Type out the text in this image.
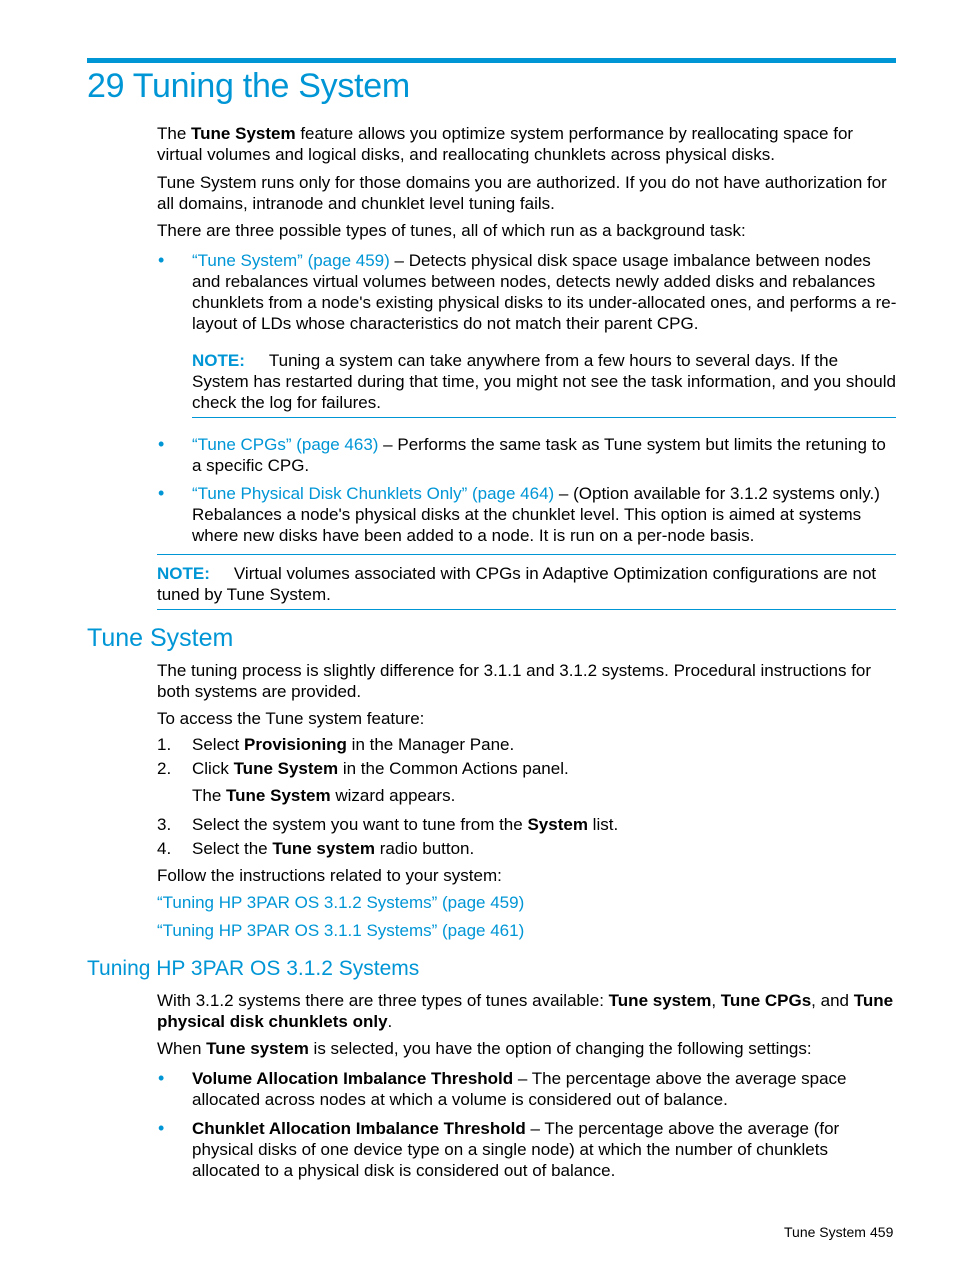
29 Tuning the System

The Tune System feature allows you optimize system performance by reallocating space for virtual volumes and logical disks, and reallocating chunklets across physical disks.

Tune System runs only for those domains you are authorized. If you do not have authorization for all domains, intranode and chunklet level tuning fails.

There are three possible types of tunes, all of which run as a background task:

• “Tune System” (page 459) – Detects physical disk space usage imbalance between nodes and rebalances virtual volumes between nodes, detects newly added disks and rebalances chunklets from a node's existing physical disks to its under-allocated ones, and performs a re-layout of LDs whose characteristics do not match their parent CPG.

NOTE: Tuning a system can take anywhere from a few hours to several days. If the System has restarted during that time, you might not see the task information, and you should check the log for failures.

• “Tune CPGs” (page 463) – Performs the same task as Tune system but limits the retuning to a specific CPG.

• “Tune Physical Disk Chunklets Only” (page 464) – (Option available for 3.1.2 systems only.) Rebalances a node's physical disks at the chunklet level. This option is aimed at systems where new disks have been added to a node. It is run on a per-node basis.

NOTE: Virtual volumes associated with CPGs in Adaptive Optimization configurations are not tuned by Tune System.

Tune System

The tuning process is slightly difference for 3.1.1 and 3.1.2 systems. Procedural instructions for both systems are provided.

To access the Tune system feature:

1. Select Provisioning in the Manager Pane.

2. Click Tune System in the Common Actions panel.

The Tune System wizard appears.

3. Select the system you want to tune from the System list.

4. Select the Tune system radio button.

Follow the instructions related to your system:

“Tuning HP 3PAR OS 3.1.2 Systems” (page 459)

“Tuning HP 3PAR OS 3.1.1 Systems” (page 461)

Tuning HP 3PAR OS 3.1.2 Systems

With 3.1.2 systems there are three types of tunes available: Tune system, Tune CPGs, and Tune physical disk chunklets only.

When Tune system is selected, you have the option of changing the following settings:

• Volume Allocation Imbalance Threshold – The percentage above the average space allocated across nodes at which a volume is considered out of balance.

• Chunklet Allocation Imbalance Threshold – The percentage above the average (for physical disks of one device type on a single node) at which the number of chunklets allocated to a physical disk is considered out of balance.

Tune System 459
